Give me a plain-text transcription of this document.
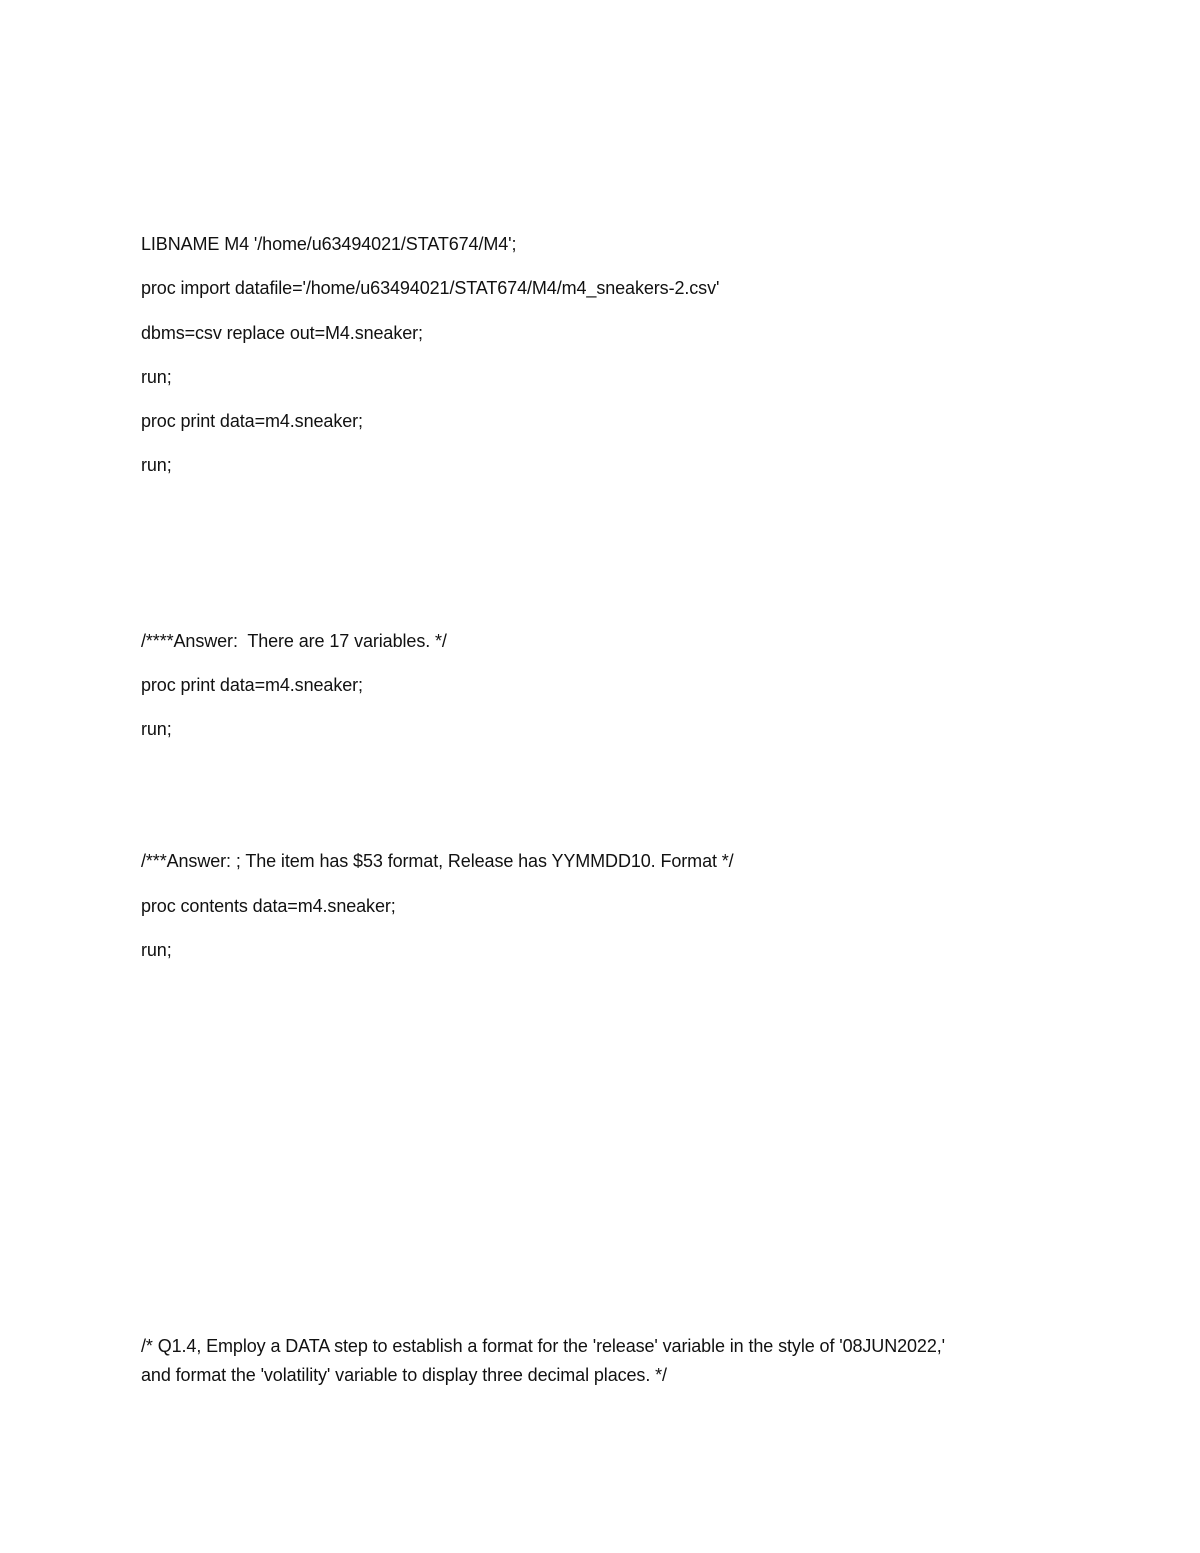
LIBNAME M4 '/home/u63494021/STAT674/M4';
proc import datafile='/home/u63494021/STAT674/M4/m4_sneakers-2.csv'
dbms=csv replace out=M4.sneaker;
run;
proc print data=m4.sneaker;
run;
/****Answer:  There are 17 variables. */
proc print data=m4.sneaker;
run;
/***Answer: ; The item has $53 format, Release has YYMMDD10. Format */
proc contents data=m4.sneaker;
run;
/* Q1.4, Employ a DATA step to establish a format for the 'release' variable in the style of '08JUN2022,'
and format the 'volatility' variable to display three decimal places. */
